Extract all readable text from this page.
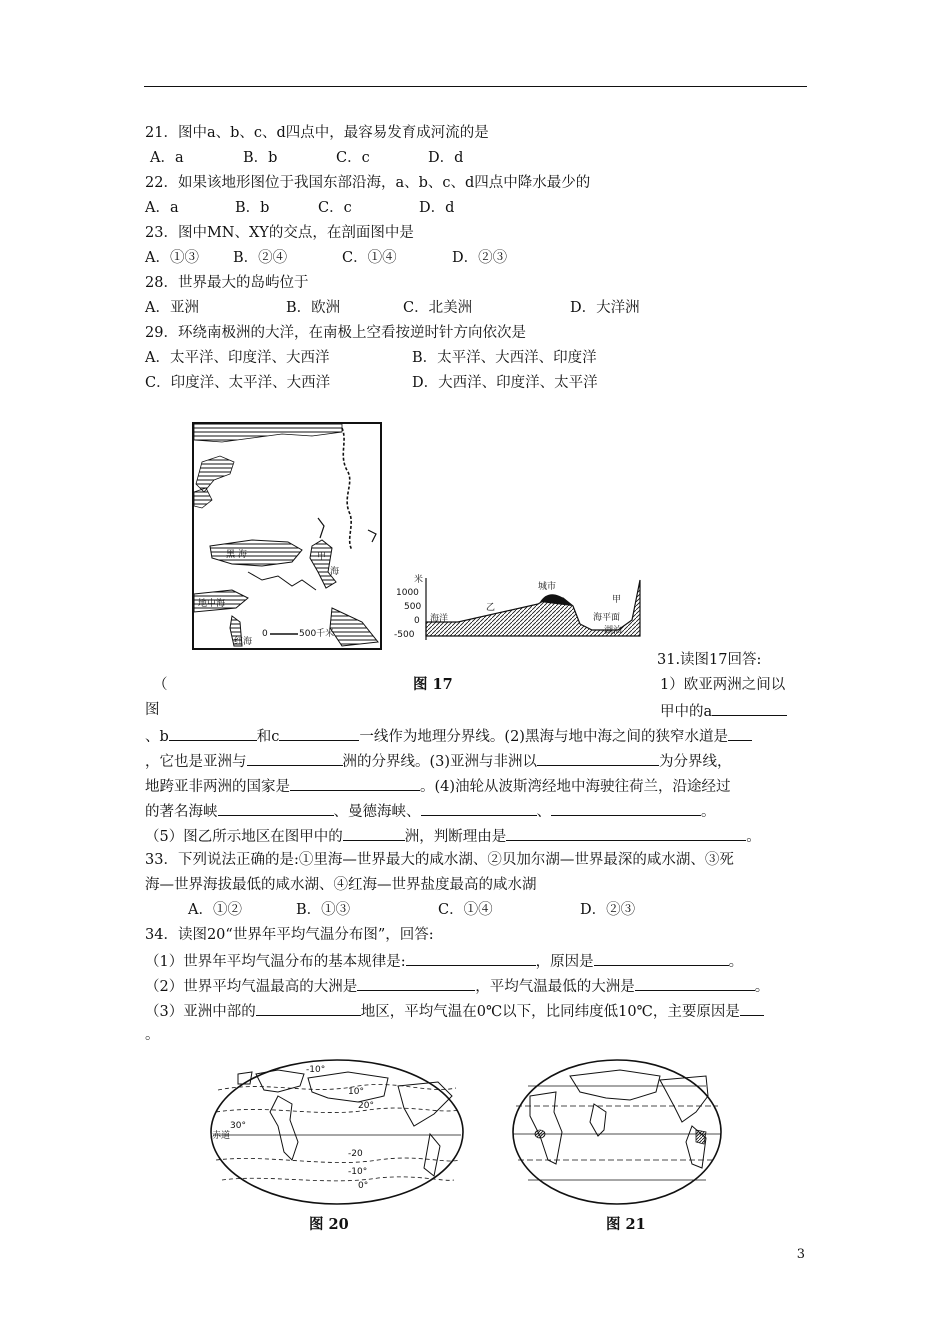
21．图中a、b、c、d四点中，最容易发育成河流的是
A．a	B．b	C．c	D．d
22．如果该地形图位于我国东部沿海，a、b、c、d四点中降水最少的
A．a	B．b	C．c	D．d
23．图中MN、XY的交点，在剖面图中是
A．①③ B．②④	C．①④	D．②③
28．世界最大的岛屿位于
A．亚洲	B．欧洲	C．北美洲	D．大洋洲
29．环绕南极洲的大洋，在南极上空看按逆时针方向依次是
A．太平洋、印度洋、大西洋	B．太平洋、大西洋、印度洋
C．印度洋、太平洋、大西洋	D．大西洋、印度洋、太平洋
黑 海	甲
海
地中海
红海
0	500千米
米
1000
500
0
-500
海洋
乙
城市
甲
海平面
湖泊
31.读图17回答:
（	图 17	1）欧亚两洲之间以
图	甲中的a
、b	和c	一线作为地理分界线。(2)黑海与地中海之间的狭窄水道是
，它也是亚洲与	洲的分界线。(3)亚洲与非洲以	为分界线，
地跨亚非两洲的国家是	。(4)油轮从波斯湾经地中海驶往荷兰，沿途经过
的著名海峡	、曼德海峡、	、	。
（5）图乙所示地区在图甲中的	洲，判断理由是	。
33．下列说法正确的是:①里海—世界最大的咸水湖、②贝加尔湖—世界最深的咸水湖、③死
海—世界海拔最低的咸水湖、④红海—世界盐度最高的咸水湖
A．①②	B．①③	C．①④	D．②③
34．读图20“世界年平均气温分布图”，回答:
（1）世界年平均气温分布的基本规律是:	，原因是	。
（2）世界平均气温最高的大洲是	，平均气温最低的大洲是	。
（3）亚洲中部的	地区，平均气温在0℃以下，比同纬度低10℃，主要原因是
。
赤道
-10°
10°
20°
30°
-20
-10°
0°
图 20	图 21
3
